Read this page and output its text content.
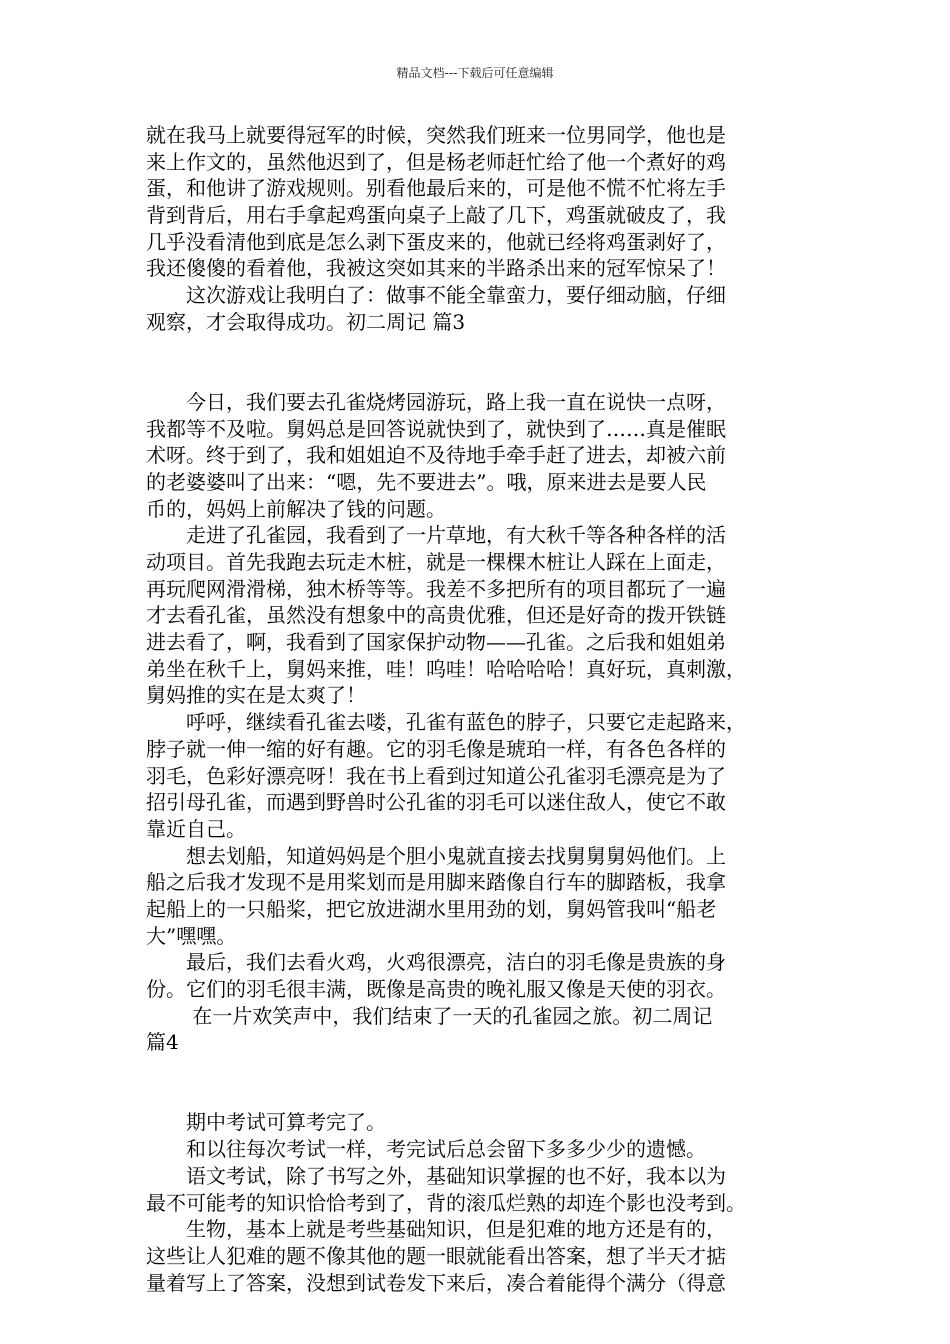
精品文档---下载后可任意编辑
就在我马上就要得冠军的时候，突然我们班来一位男同学，他也是
来上作文的，虽然他迟到了，但是杨老师赶忙给了他一个煮好的鸡
蛋，和他讲了游戏规则。别看他最后来的，可是他不慌不忙将左手
背到背后，用右手拿起鸡蛋向桌子上敲了几下，鸡蛋就破皮了，我
几乎没看清他到底是怎么剥下蛋皮来的，他就已经将鸡蛋剥好了，
我还傻傻的看着他，我被这突如其来的半路杀出来的冠军惊呆了！
　　这次游戏让我明白了：做事不能全靠蛮力，要仔细动脑，仔细
观察，才会取得成功。初二周记 篇3
　　今日，我们要去孔雀烧烤园游玩，路上我一直在说快一点呀，
我都等不及啦。舅妈总是回答说就快到了，就快到了……真是催眠
术呀。终于到了，我和姐姐迫不及待地手牵手赶了进去，却被六前
的老婆婆叫了出来：“嗯，先不要进去”。哦，原来进去是要人民
币的，妈妈上前解决了钱的问题。
　　走进了孔雀园，我看到了一片草地，有大秋千等各种各样的活
动项目。首先我跑去玩走木桩，就是一棵棵木桩让人踩在上面走，
再玩爬网滑滑梯，独木桥等等。我差不多把所有的项目都玩了一遍
才去看孔雀，虽然没有想象中的高贵优雅，但还是好奇的拨开铁链
进去看了，啊，我看到了国家保护动物——孔雀。之后我和姐姐弟
弟坐在秋千上，舅妈来推，哇！呜哇！哈哈哈哈！真好玩，真刺激，
舅妈推的实在是太爽了！
　　呼呼，继续看孔雀去喽，孔雀有蓝色的脖子，只要它走起路来，
脖子就一伸一缩的好有趣。它的羽毛像是琥珀一样，有各色各样的
羽毛，色彩好漂亮呀！我在书上看到过知道公孔雀羽毛漂亮是为了
招引母孔雀，而遇到野兽时公孔雀的羽毛可以迷住敌人，使它不敢
靠近自己。
　　想去划船，知道妈妈是个胆小鬼就直接去找舅舅舅妈他们。上
船之后我才发现不是用桨划而是用脚来踏像自行车的脚踏板，我拿
起船上的一只船桨，把它放进湖水里用劲的划，舅妈管我叫“船老
大”嘿嘿。
　　最后，我们去看火鸡，火鸡很漂亮，洁白的羽毛像是贵族的身
份。它们的羽毛很丰满，既像是高贵的晚礼服又像是天使的羽衣。
　　 在一片欢笑声中，我们结束了一天的孔雀园之旅。初二周记
篇4
　　期中考试可算考完了。
　　和以往每次考试一样，考完试后总会留下多多少少的遗憾。
　　语文考试，除了书写之外，基础知识掌握的也不好，我本以为
最不可能考的知识恰恰考到了，背的滚瓜烂熟的却连个影也没考到。
　　生物，基本上就是考些基础知识，但是犯难的地方还是有的，
这些让人犯难的题不像其他的题一眼就能看出答案，想了半天才掂
量着写上了答案，没想到试卷发下来后，凑合着能得个满分（得意
